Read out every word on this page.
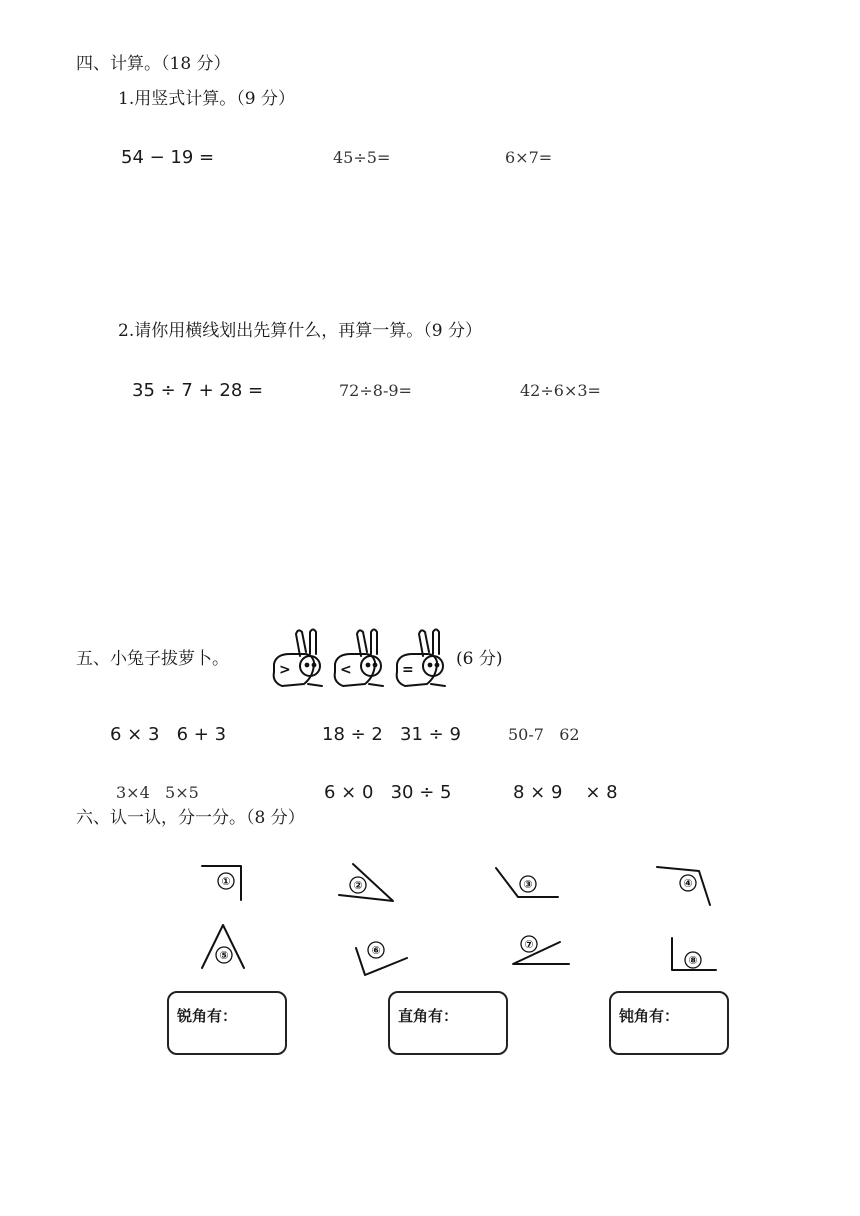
四、计算。（18 分）
1.用竖式计算。（9 分）
54 − 19 =	45÷5=	6×7=
2.请你用横线划出先算什么，再算一算。（9 分）
35 ÷ 7 + 28 =	72÷8-9=	42÷6×3=
五、小兔子拔萝卜。	(6 分)
>	<	=
①	②	③	④
⑤	⑥	⑦
⑧
6 × 3   6 + 3	18 ÷ 2   31 ÷ 9	50-7   62
3×4   5×5	6 × 0   30 ÷ 5	8 × 9    × 8
六、认一认，分一分。（8 分）
锐角有：	直角有：	钝角有：
